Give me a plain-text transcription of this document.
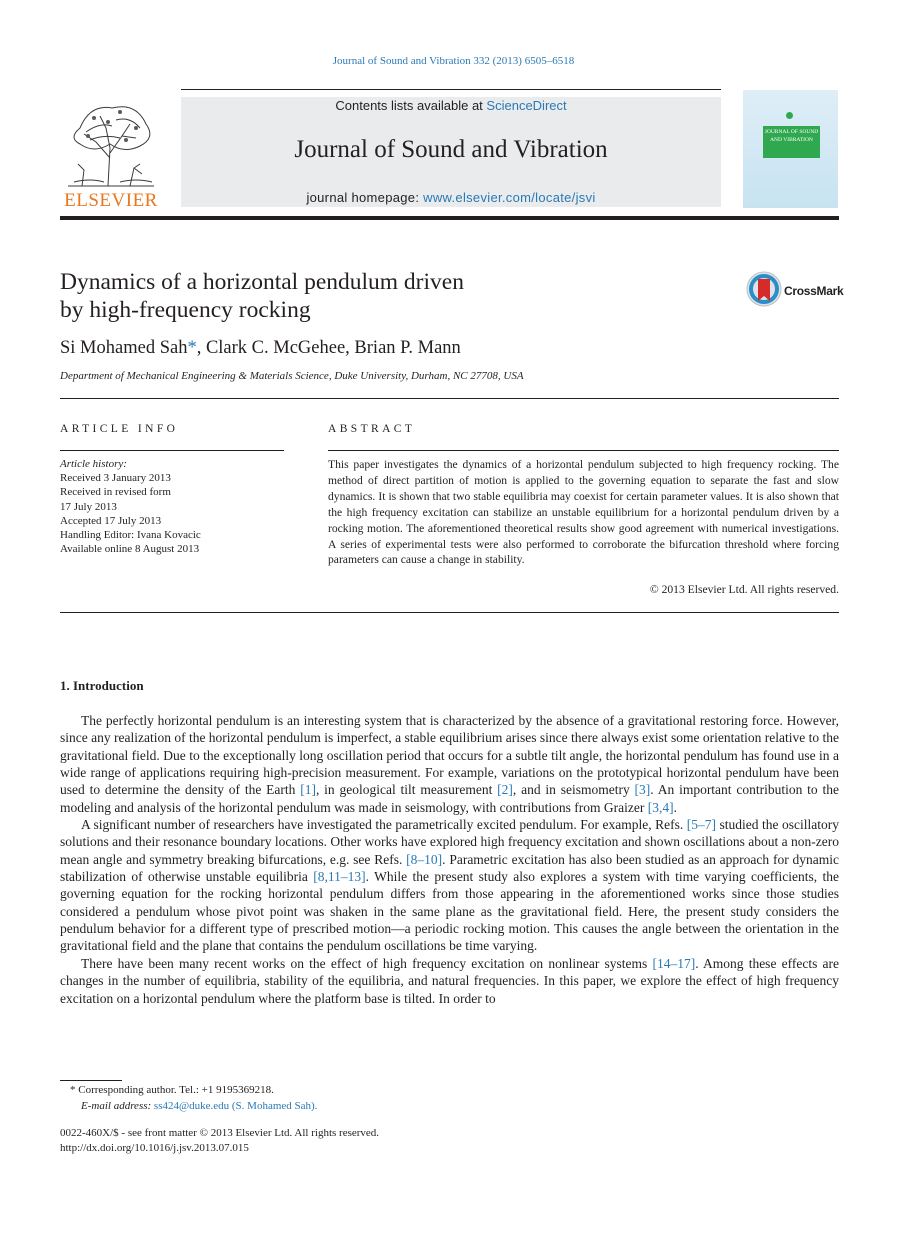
Journal of Sound and Vibration 332 (2013) 6505–6518
ELSEVIER
Contents lists available at ScienceDirect
Journal of Sound and Vibration
journal homepage: www.elsevier.com/locate/jsvi
JOURNAL OF SOUND AND VIBRATION
Dynamics of a horizontal pendulum driven
by high-frequency rocking
CrossMark
Si Mohamed Sah*, Clark C. McGehee, Brian P. Mann
Department of Mechanical Engineering & Materials Science, Duke University, Durham, NC 27708, USA
ARTICLE INFO
Article history:
Received 3 January 2013
Received in revised form
17 July 2013
Accepted 17 July 2013
Handling Editor: Ivana Kovacic
Available online 8 August 2013
ABSTRACT
This paper investigates the dynamics of a horizontal pendulum subjected to high frequency rocking. The method of direct partition of motion is applied to the governing equation to separate the fast and slow dynamics. It is shown that two stable equilibria may coexist for certain parameter values. It is also shown that the high frequency excitation can stabilize an unstable equilibrium for a horizontal pendulum driven by a rocking motion. The aforementioned theoretical results show good agreement with numerical investigations. A series of experimental tests were also performed to corroborate the bifurcation threshold where forcing parameters can cause a change in stability.
© 2013 Elsevier Ltd. All rights reserved.
1. Introduction

The perfectly horizontal pendulum is an interesting system that is characterized by the absence of a gravitational restoring force. However, since any realization of the horizontal pendulum is imperfect, a stable equilibrium arises since there always exist some orientation relative to the gravitational field. Due to the exceptionally long oscillation period that occurs for a subtle tilt angle, the horizontal pendulum has found use in a wide range of applications requiring high-precision measurement. For example, variations on the prototypical horizontal pendulum have been used to determine the density of the Earth [1], in geological tilt measurement [2], and in seismometry [3]. An important contribution to the modeling and analysis of the horizontal pendulum was made in seismology, with contributions from Graizer [3,4].

A significant number of researchers have investigated the parametrically excited pendulum. For example, Refs. [5–7] studied the oscillatory solutions and their resonance boundary locations. Other works have explored high frequency excitation and shown oscillations about a non-zero mean angle and symmetry breaking bifurcations, e.g. see Refs. [8–10]. Parametric excitation has also been studied as an approach for dynamic stabilization of otherwise unstable equilibria [8,11–13]. While the present study also explores a system with time varying coefficients, the governing equation for the rocking horizontal pendulum differs from those appearing in the aforementioned works since those studies considered a pendulum whose pivot point was shaken in the same plane as the gravitational field. Here, the present study considers the pendulum behavior for a different type of prescribed motion—a periodic rocking motion. This causes the angle between the orientation in the gravitational field and the plane that contains the pendulum oscillations be time varying.

There have been many recent works on the effect of high frequency excitation on nonlinear systems [14–17]. Among these effects are changes in the number of equilibria, stability of the equilibria, and natural frequencies. In this paper, we explore the effect of high frequency excitation on a horizontal pendulum where the platform base is tilted. In order to

* Corresponding author. Tel.: +1 9195369218.
E-mail address: ss424@duke.edu (S. Mohamed Sah).
0022-460X/$ - see front matter © 2013 Elsevier Ltd. All rights reserved.
http://dx.doi.org/10.1016/j.jsv.2013.07.015
